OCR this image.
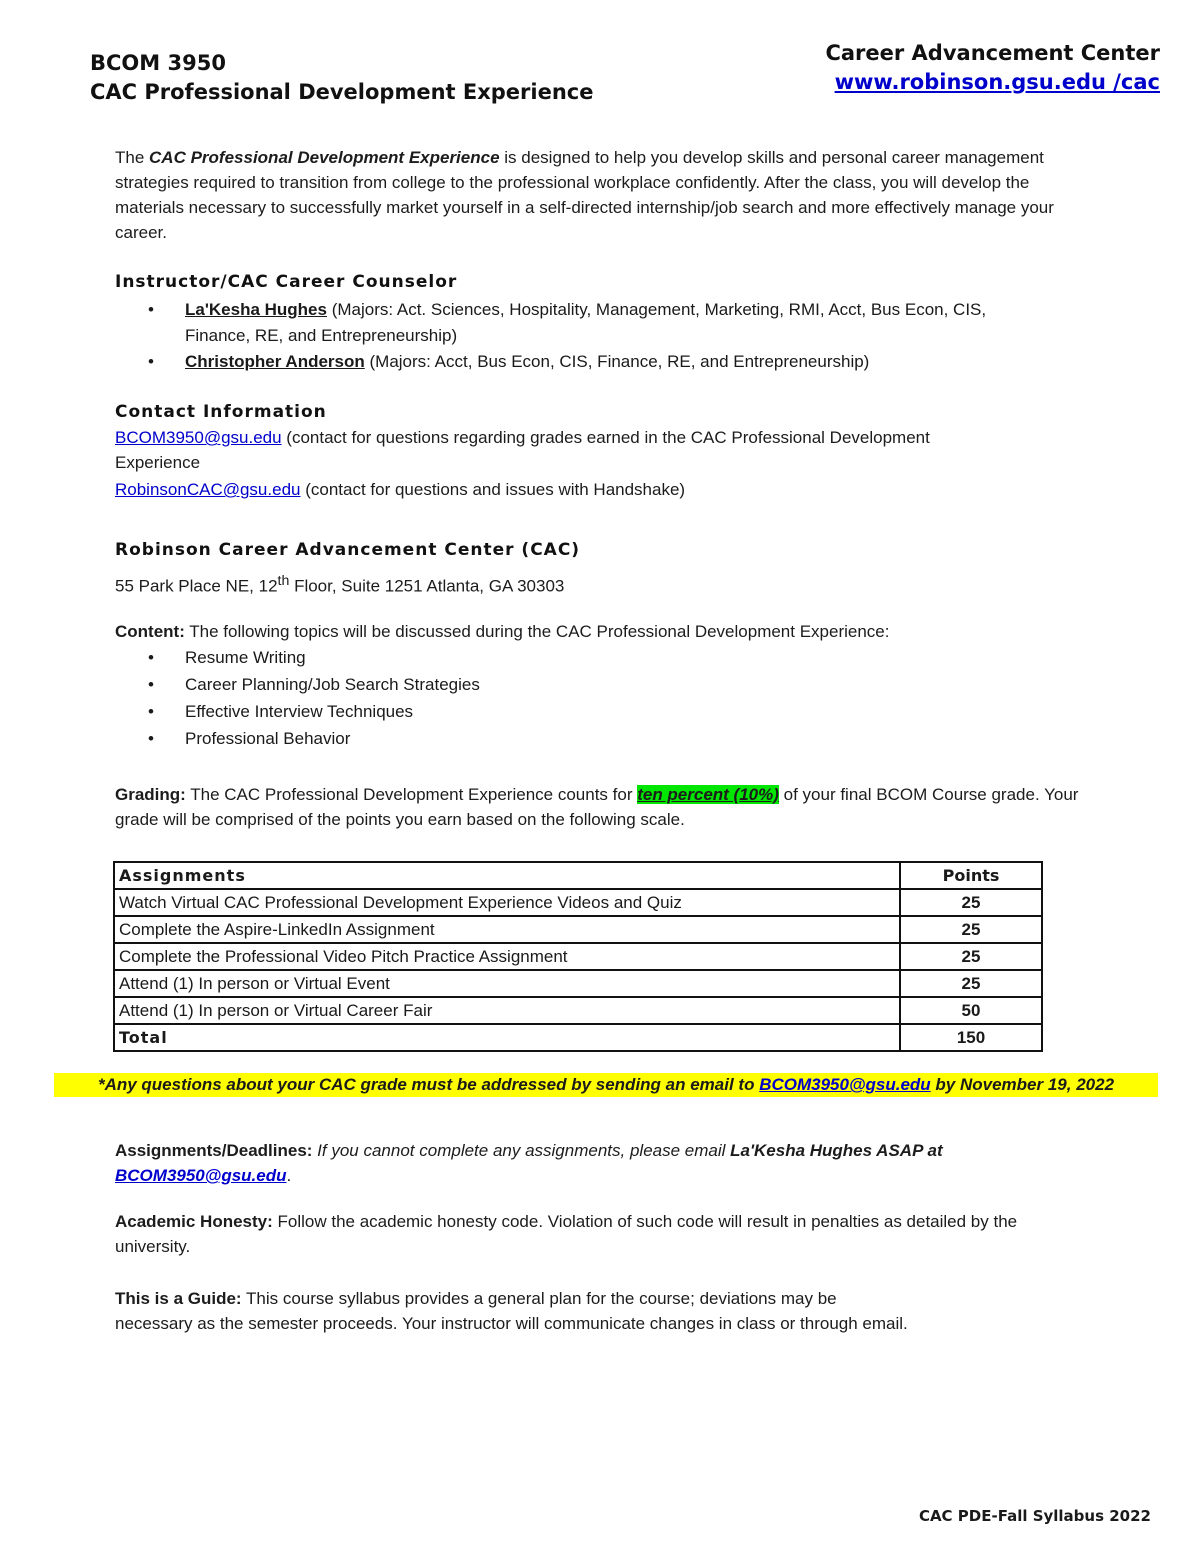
BCOM 3950
CAC Professional Development Experience
Career Advancement Center
www.robinson.gsu.edu /cac
The CAC Professional Development Experience is designed to help you develop skills and personal career management strategies required to transition from college to the professional workplace confidently. After the class, you will develop the materials necessary to successfully market yourself in a self-directed internship/job search and more effectively manage your career.
Instructor/CAC Career Counselor
• La'Kesha Hughes (Majors: Act. Sciences, Hospitality, Management, Marketing, RMI, Acct, Bus Econ, CIS, Finance, RE, and Entrepreneurship)
• Christopher Anderson (Majors: Acct, Bus Econ, CIS, Finance, RE, and Entrepreneurship)
Contact Information
BCOM3950@gsu.edu (contact for questions regarding grades earned in the CAC Professional Development Experience
RobinsonCAC@gsu.edu (contact for questions and issues with Handshake)
Robinson Career Advancement Center (CAC)
55 Park Place NE, 12th Floor, Suite 1251 Atlanta, GA 30303
Content: The following topics will be discussed during the CAC Professional Development Experience:
• Resume Writing
• Career Planning/Job Search Strategies
• Effective Interview Techniques
• Professional Behavior
Grading: The CAC Professional Development Experience counts for ten percent (10%) of your final BCOM Course grade. Your grade will be comprised of the points you earn based on the following scale.
Assignments	Points
Watch Virtual CAC Professional Development Experience Videos and Quiz	25
Complete the Aspire-LinkedIn Assignment	25
Complete the Professional Video Pitch Practice Assignment	25
Attend (1) In person or Virtual Event	25
Attend (1) In person or Virtual Career Fair	50
Total	150
*Any questions about your CAC grade must be addressed by sending an email to BCOM3950@gsu.edu by November 19, 2022
Assignments/Deadlines: If you cannot complete any assignments, please email La'Kesha Hughes ASAP at
BCOM3950@gsu.edu.
Academic Honesty: Follow the academic honesty code. Violation of such code will result in penalties as detailed by the university.
This is a Guide: This course syllabus provides a general plan for the course; deviations may be necessary as the semester proceeds. Your instructor will communicate changes in class or through email.
CAC PDE-Fall Syllabus 2022
